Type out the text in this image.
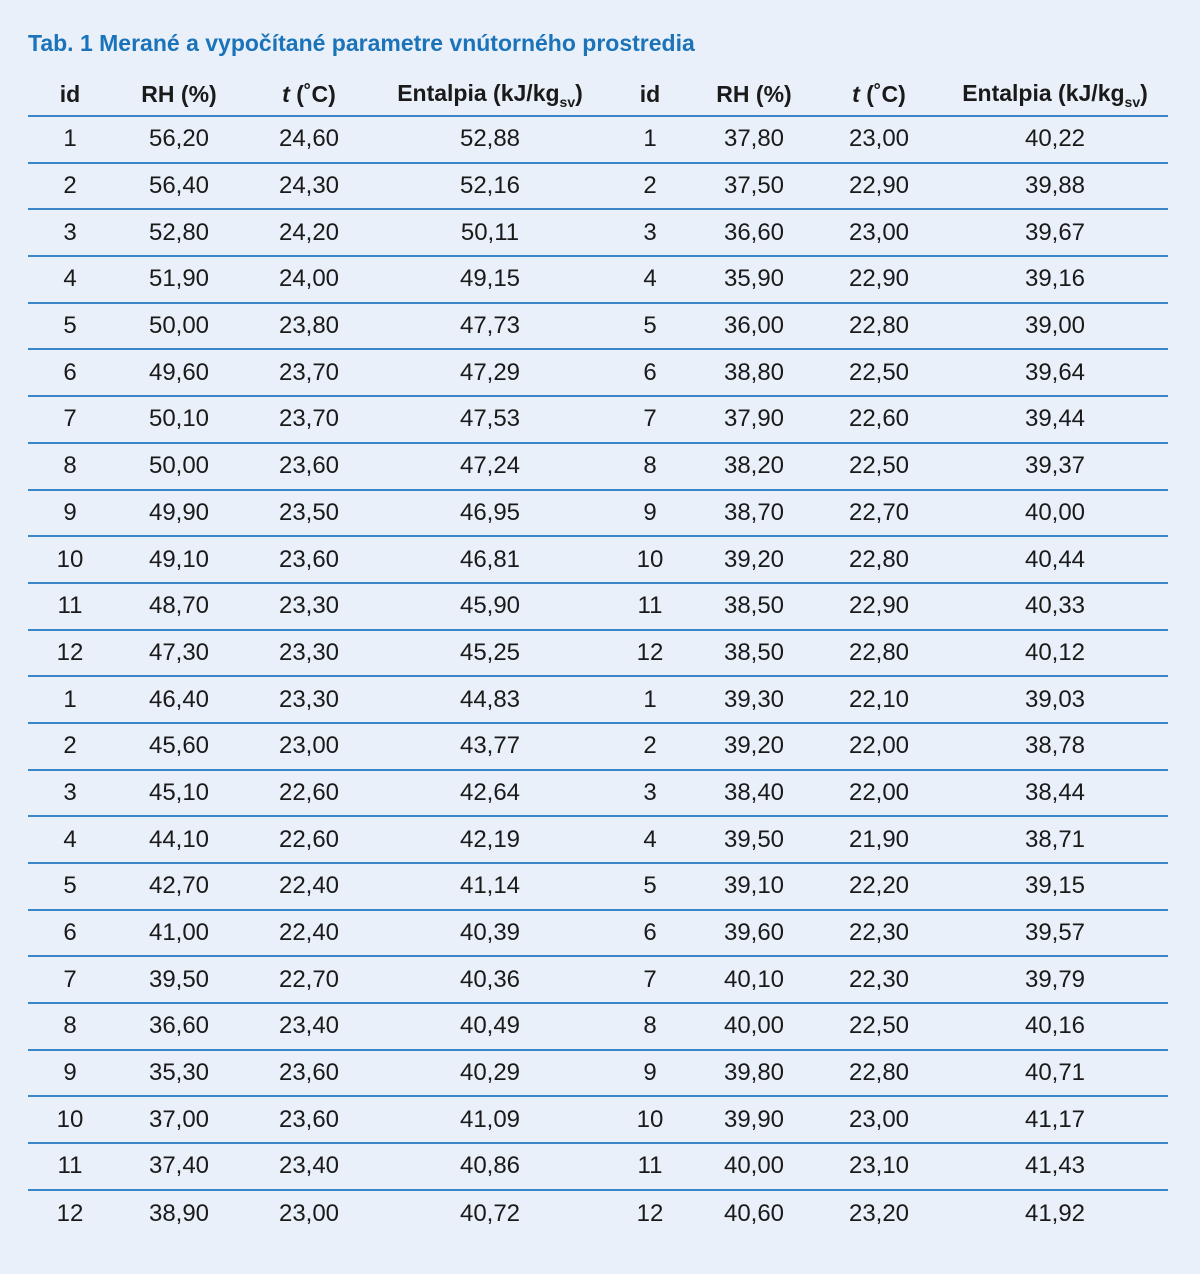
Tab. 1 Merané a vypočítané parametre vnútorného prostredia
id	RH (%)	t (˚C)	Entalpia $(kJ/kg_{sv})$	id	RH (%)	t (˚C)	Entalpia $(kJ/kg_{sv})$
1	56,20	24,60	52,88	1	37,80	23,00	40,22
2	56,40	24,30	52,16	2	37,50	22,90	39,88
3	52,80	24,20	50,11	3	36,60	23,00	39,67
4	51,90	24,00	49,15	4	35,90	22,90	39,16
5	50,00	23,80	47,73	5	36,00	22,80	39,00
6	49,60	23,70	47,29	6	38,80	22,50	39,64
7	50,10	23,70	47,53	7	37,90	22,60	39,44
8	50,00	23,60	47,24	8	38,20	22,50	39,37
9	49,90	23,50	46,95	9	38,70	22,70	40,00
10	49,10	23,60	46,81	10	39,20	22,80	40,44
11	48,70	23,30	45,90	11	38,50	22,90	40,33
12	47,30	23,30	45,25	12	38,50	22,80	40,12
1	46,40	23,30	44,83	1	39,30	22,10	39,03
2	45,60	23,00	43,77	2	39,20	22,00	38,78
3	45,10	22,60	42,64	3	38,40	22,00	38,44
4	44,10	22,60	42,19	4	39,50	21,90	38,71
5	42,70	22,40	41,14	5	39,10	22,20	39,15
6	41,00	22,40	40,39	6	39,60	22,30	39,57
7	39,50	22,70	40,36	7	40,10	22,30	39,79
8	36,60	23,40	40,49	8	40,00	22,50	40,16
9	35,30	23,60	40,29	9	39,80	22,80	40,71
10	37,00	23,60	41,09	10	39,90	23,00	41,17
11	37,40	23,40	40,86	11	40,00	23,10	41,43
12	38,90	23,00	40,72	12	40,60	23,20	41,92
